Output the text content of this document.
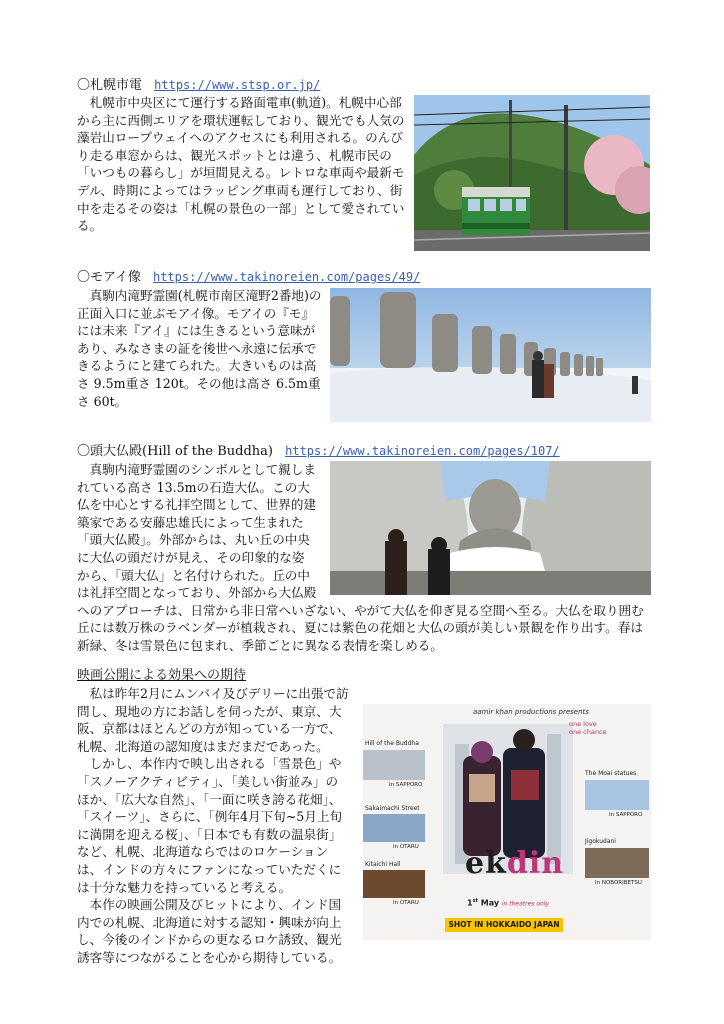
〇札幌市電 https://www.stsp.or.jp/
札幌市中央区にて運行する路面電車(軌道)。札幌中心部から主に西側エリアを環状運転しており、観光でも人気の藻岩山ロープウェイへのアクセスにも利用される。のんびり走る車窓からは、観光スポットとは違う、札幌市民の「いつもの暮らし」が垣間見える。レトロな車両や最新モデル、時期によってはラッピング車両も運行しており、街中を走るその姿は「札幌の景色の一部」として愛されている。
〇モアイ像 https://www.takinoreien.com/pages/49/
真駒内滝野霊園(札幌市南区滝野2番地)の正面入口に並ぶモアイ像。モアイの『モ』には未来『アイ』には生きるという意味があり、みなさまの証を後世へ永遠に伝承できるようにと建てられた。大きいものは高さ 9.5m重さ 120t。その他は高さ 6.5m重さ 60t。
〇頭大仏殿(Hill of the Buddha) https://www.takinoreien.com/pages/107/
真駒内滝野霊園のシンボルとして親しまれている高さ 13.5mの石造大仏。この大仏を中心とする礼拝空間として、世界的建築家である安藤忠雄氏によって生まれた「頭大仏殿」。外部からは、丸い丘の中央に大仏の頭だけが見え、その印象的な姿から、「頭大仏」と名付けられた。丘の中は礼拝空間となっており、外部から大仏殿へのアプローチは、日常から非日常へいざない、やがて大仏を仰ぎ見る空間へ至る。大仏を取り囲む丘には数万株のラベンダーが植栽され、夏には紫色の花畑と大仏の頭が美しい景観を作り出す。春は新緑、冬は雪景色に包まれ、季節ごとに異なる表情を楽しめる。
映画公開による効果への期待
私は昨年2月にムンバイ及びデリーに出張で訪問し、現地の方にお話しを伺ったが、東京、大阪、京都はほとんどの方が知っている一方で、札幌、北海道の認知度はまだまだであった。
しかし、本作内で映し出される「雪景色」や「スノーアクティビティ」、「美しい街並み」のほか、「広大な自然」、「一面に咲き誇る花畑」、「スイーツ」、さらに、「例年4月下旬~5月上旬に満開を迎える桜」、「日本でも有数の温泉街」など、札幌、北海道ならではのロケーションは、インドの方々にファンになっていただくには十分な魅力を持っていると考える。
本作の映画公開及びヒットにより、インド国内での札幌、北海道に対する認知・興味が向上し、今後のインドからの更なるロケ誘致、観光誘客等につながることを心から期待している。
aamir khan productions presents
one love
one chance
Hill of the Buddha
In SAPPORO
Sakaimachi Street
In OTARU
Kitaichi Hall
In OTARU
The Moai statues
In SAPPORO
Jigokudani
In NOBORIBETSU
ekdin
1st May in theatres only
SHOT IN HOKKAIDO JAPAN
